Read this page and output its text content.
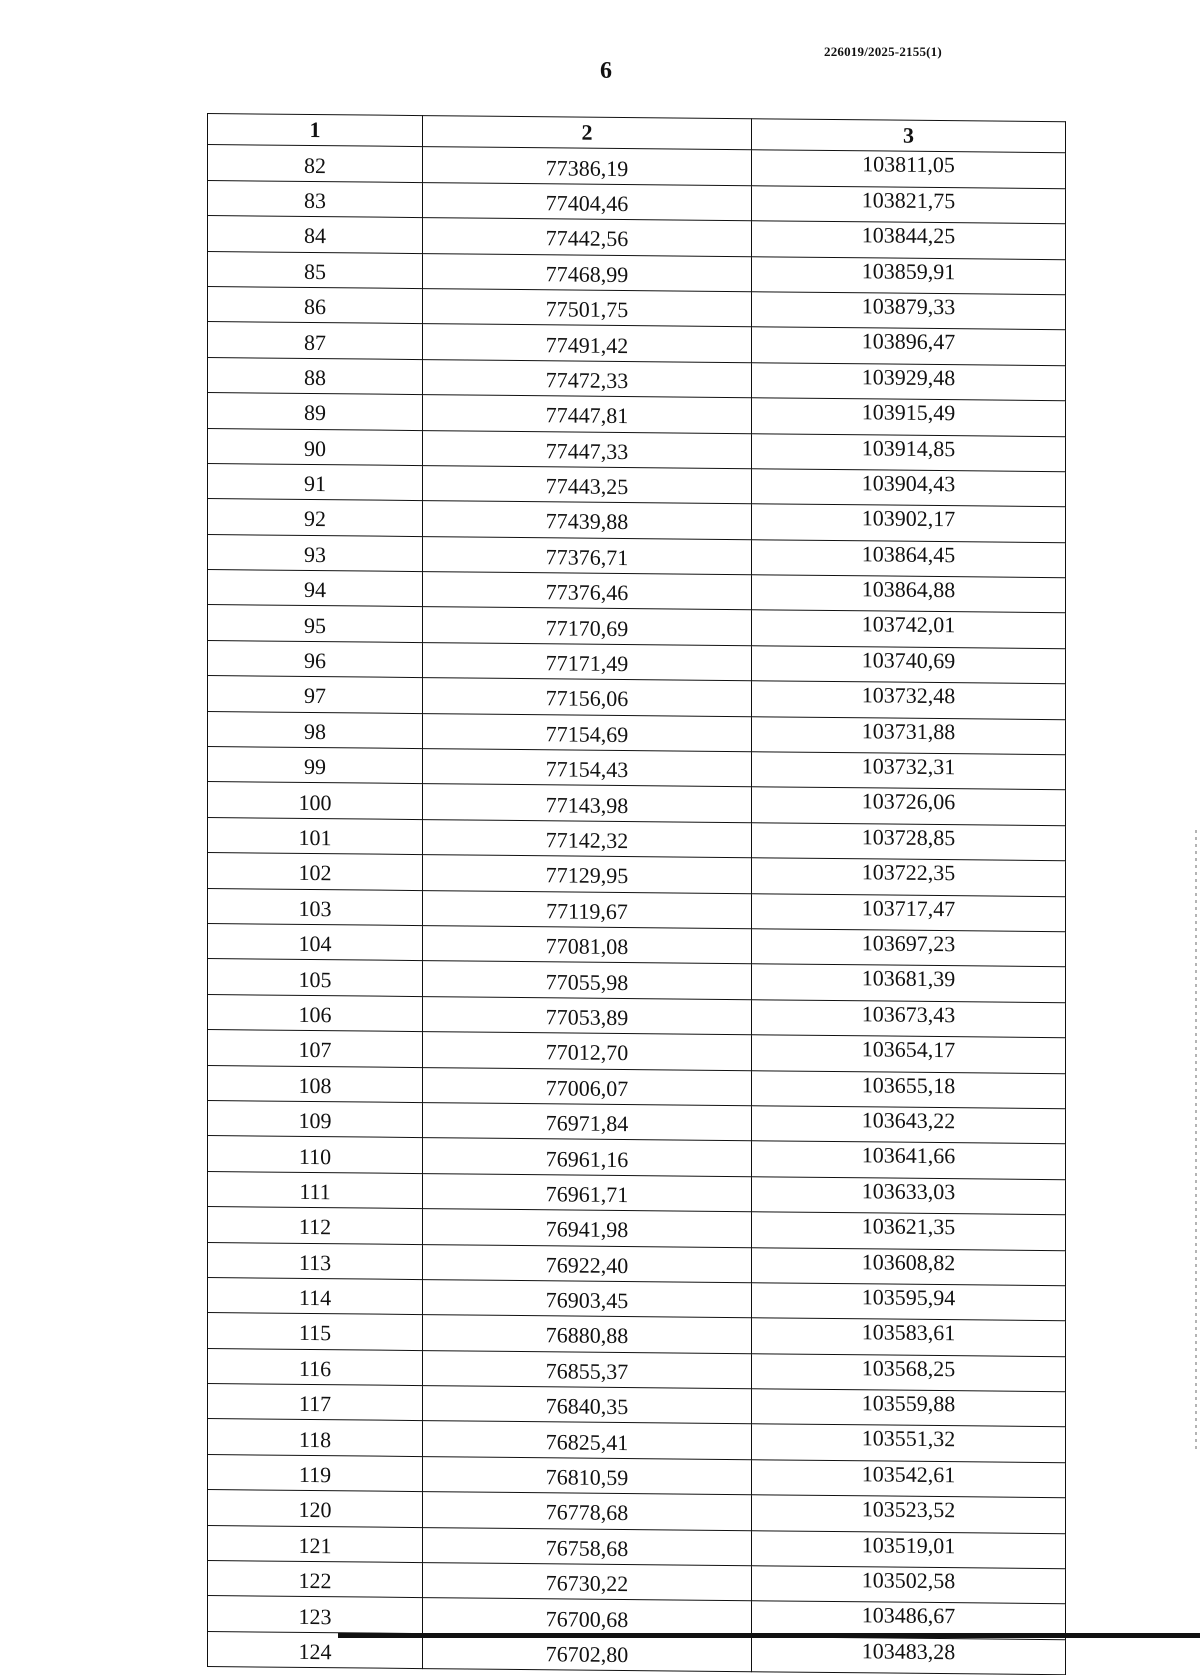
226019/2025-2155(1)
6
1	2	3
82	77386,19	103811,05
83	77404,46	103821,75
84	77442,56	103844,25
85	77468,99	103859,91
86	77501,75	103879,33
87	77491,42	103896,47
88	77472,33	103929,48
89	77447,81	103915,49
90	77447,33	103914,85
91	77443,25	103904,43
92	77439,88	103902,17
93	77376,71	103864,45
94	77376,46	103864,88
95	77170,69	103742,01
96	77171,49	103740,69
97	77156,06	103732,48
98	77154,69	103731,88
99	77154,43	103732,31
100	77143,98	103726,06
101	77142,32	103728,85
102	77129,95	103722,35
103	77119,67	103717,47
104	77081,08	103697,23
105	77055,98	103681,39
106	77053,89	103673,43
107	77012,70	103654,17
108	77006,07	103655,18
109	76971,84	103643,22
110	76961,16	103641,66
111	76961,71	103633,03
112	76941,98	103621,35
113	76922,40	103608,82
114	76903,45	103595,94
115	76880,88	103583,61
116	76855,37	103568,25
117	76840,35	103559,88
118	76825,41	103551,32
119	76810,59	103542,61
120	76778,68	103523,52
121	76758,68	103519,01
122	76730,22	103502,58
123	76700,68	103486,67
124	76702,80	103483,28
